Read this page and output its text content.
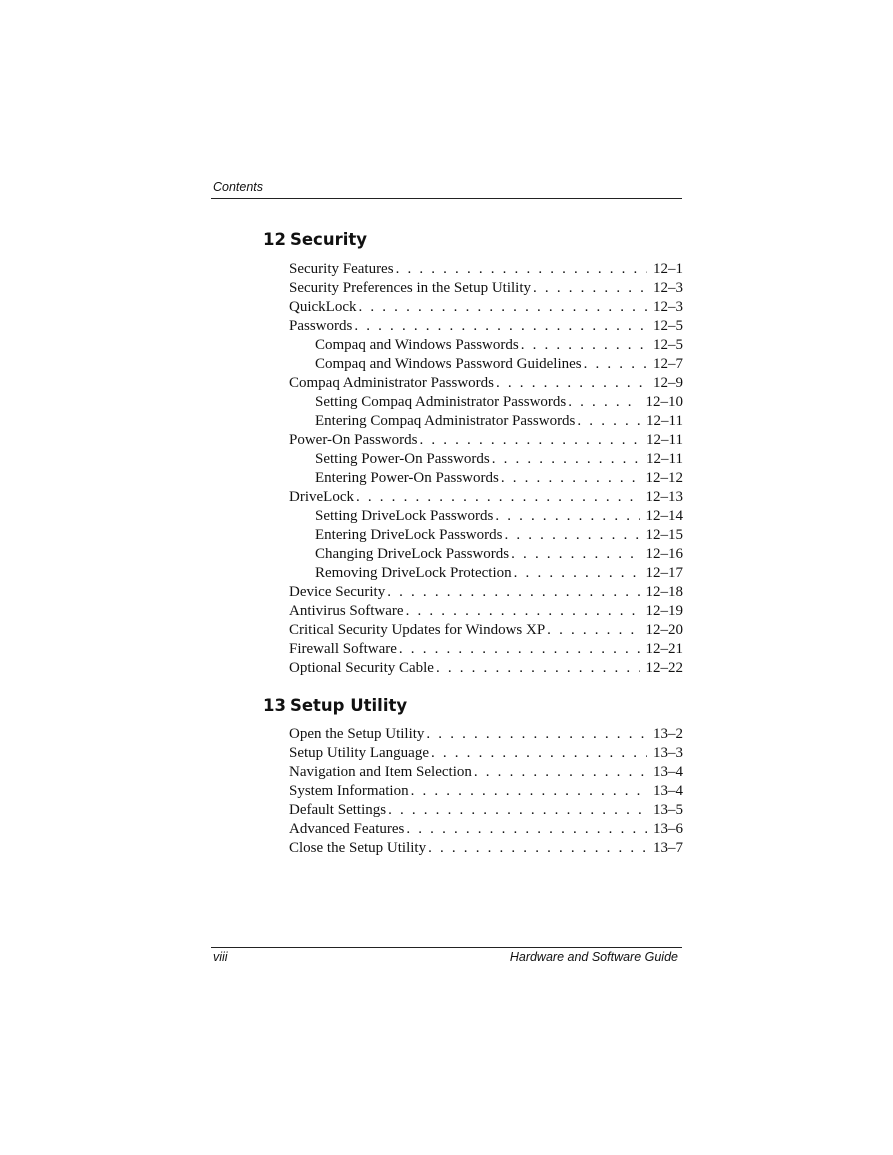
Contents
12 Security
Security Features . . .	12–1
Security Preferences in the Setup Utility . . .	12–3
QuickLock . . .	12–3
Passwords . . .	12–5
Compaq and Windows Passwords . . .	12–5
Compaq and Windows Password Guidelines . . .	12–7
Compaq Administrator Passwords . . .	12–9
Setting Compaq Administrator Passwords . . .	12–10
Entering Compaq Administrator Passwords . . .	12–11
Power-On Passwords . . .	12–11
Setting Power-On Passwords . . .	12–11
Entering Power-On Passwords . . .	12–12
DriveLock . . .	12–13
Setting DriveLock Passwords . . .	12–14
Entering DriveLock Passwords . . .	12–15
Changing DriveLock Passwords . . .	12–16
Removing DriveLock Protection . . .	12–17
Device Security . . .	12–18
Antivirus Software . . .	12–19
Critical Security Updates for Windows XP . . .	12–20
Firewall Software . . .	12–21
Optional Security Cable . . .	12–22
13 Setup Utility
Open the Setup Utility . . .	13–2
Setup Utility Language . . .	13–3
Navigation and Item Selection . . .	13–4
System Information . . .	13–4
Default Settings . . .	13–5
Advanced Features . . .	13–6
Close the Setup Utility . . .	13–7
viii	Hardware and Software Guide
